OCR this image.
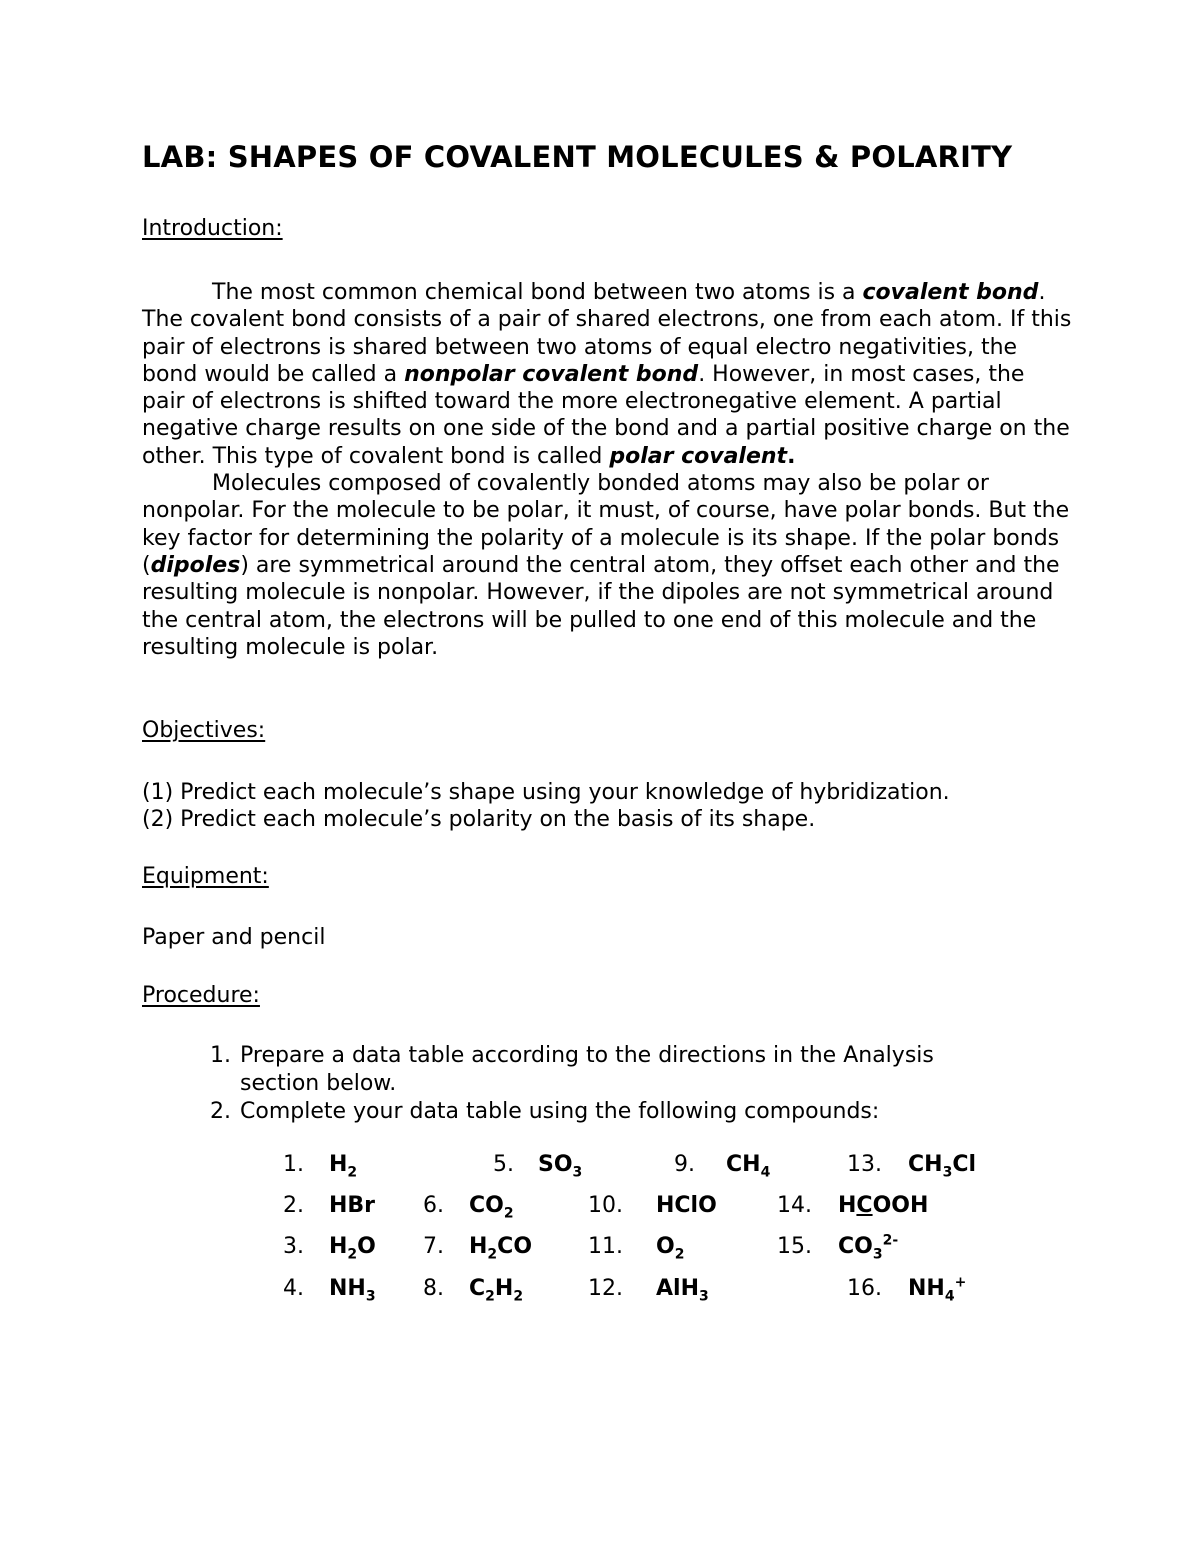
LAB: SHAPES OF COVALENT MOLECULES & POLARITY
Introduction:

The most common chemical bond between two atoms is a covalent bond. The covalent bond consists of a pair of shared electrons, one from each atom. If this pair of electrons is shared between two atoms of equal electro negativities, the bond would be called a nonpolar covalent bond. However, in most cases, the pair of electrons is shifted toward the more electronegative element. A partial negative charge results on one side of the bond and a partial positive charge on the other. This type of covalent bond is called polar covalent.

Molecules composed of covalently bonded atoms may also be polar or nonpolar. For the molecule to be polar, it must, of course, have polar bonds. But the key factor for determining the polarity of a molecule is its shape. If the polar bonds (dipoles) are symmetrical around the central atom, they offset each other and the resulting molecule is nonpolar. However, if the dipoles are not symmetrical around the central atom, the electrons will be pulled to one end of this molecule and the resulting molecule is polar.

Objectives:
(1) Predict each molecule’s shape using your knowledge of hybridization.
(2) Predict each molecule’s polarity on the basis of its shape.
Equipment:
Paper and pencil
Procedure:
1. Prepare a data table according to the directions in the Analysis section below.
2. Complete your data table using the following compounds:
1. $H_2$	5. $SO_3$	9. $CH_4$	13. $CH_3Cl$
2. HBr 6. $CO_2$	10. HClO	14. HCOOH
3. $H_2O$ 7. $H_2CO$	11. $O_2$	15. $CO_3^{2-}$
4. $NH_3$ 8. $C_2H_2$	12. AlH$_3$	16. $NH_4^+$
